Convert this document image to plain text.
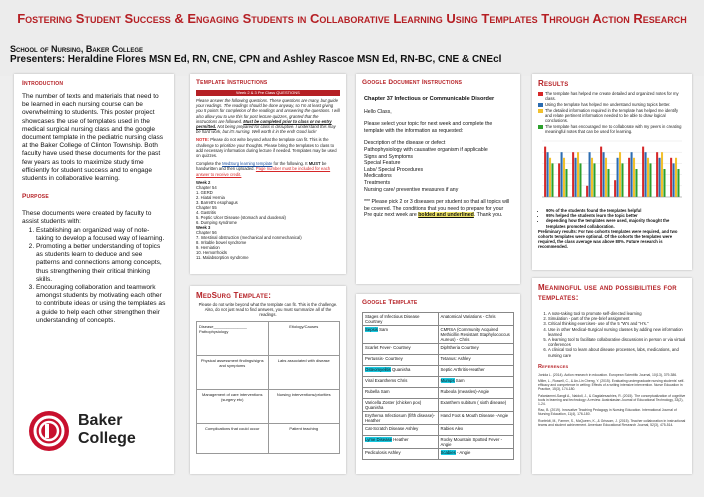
Fostering Student Success & Engaging Students in Collaborative Learning Using Templates Through Action Research
School of Nursing, Baker College
Presenters: Heraldine Flores MSN Ed, RN, CNE, CPN and Ashley Rascoe MSN Ed, RN-BC, CNE & CNEcl
Introduction
The number of texts and materials that need to be learned in each nursing course can be overwhelming to students. This poster project showcases the use of templates used in the medical surgical nursing class and the google document template in the pediatric nursing class at the Baker College of Clinton Township. Both faculty have used these documents for the past few years as tools to maximize study time efficiently for student success and to engage students in collaborative learning.
Purpose
These documents were created by faculty to assist students with:
1. Establishing an organized way of note-taking to develop a focused way of learning.
2. Promoting a better understanding of topics as students learn to deduce and see patterns and connections among concepts, thus strengthening their critical thinking skills.
3. Encouraging collaboration and teamwork amongst students by motivating each other to contribute ideas or using the templates as a guide to help each other strengthen their understanding of concepts.
Baker
College
Template Instructions
Week 2 & 3 Pre Class QUESTIONS
Please answer the following questions. These questions are many, but guide your readings. The readings should be done anyway, so I'm at least giving you 5 points for completion of the readings and answering the questions. I will also allow you to use this for post lecture quizzes, granted that the instructions are followed. Must be completed prior to class or no entry permitted. Not being prepared for class is disruptive. I understand this may be hard work, but it's nursing. Well worth it in the end! Good luck!
NOTE: Please do not write beyond what the template can fit. This is the challenge to prioritize your thoughts. Please bring the templates to class to add necessary information during lecture if needed. Templates may be used on quizzes.
Complete the MedSurg learning template for the following. It MUST be handwritten and then uploaded. Page number must be included for each answer to receive credit.
Week 2
Chapter 54
1. GERD
2. Hiatal Hernia
3. Barrett's esophagus
Chapter 55
4. Gastritis
5. Peptic Ulcer Disease (stomach and duodenal)
6. Dumping syndrome
Week 3
Chapter 56
7. Intestinal obstruction (mechanical and nonmechanical)
8. Irritable bowel syndrome
9. Herniation
10. Hemorrhoids
11. Malabsorption syndrome
MedSurg Template:
Please do not write beyond what the template can fit. This is the challenge. Also, do not just read to find answers, you must summarize all of the readings.
Disease_______________ Pathophysiology	Etiology/Causes
Physical assessment findings/signs and symptoms	Labs associated with disease
Management of care interventions (surgery etc)	Nursing interventions/priorities
Complications that could occur	Patient teaching
Google Document Instructions
Chapter 37 Infectious or Communicable Disorder
Hello Class,
Please select your topic for next week and complete the template with the information as requested:
Description of the disease or defect
Pathophysiology with causative organism if applicable
Signs and Symptoms
Special Feature
Labs/ Special Procedures
Medications
Treatments
Nursing care/ preventive measures if any
*** Please pick 2 or 3 diseases per student so that all topics will be covered. The conditions that you need to prepare for your Pre quiz next week are bolded and underlined. Thank you.
Google Template
Stages of Infectious Disease Courtney	Anatomical Variations - Chris
Sepsis Sam	CMRSA (Community Acquired Methicillin Resistant Staphylococcus Aureus) - Chris
Scarlet Fever- Courtney	Diphtheria Courtney
Pertussis- Courtney	Tetanus: Ashley
Osteomyelitis Quanisha	Septic Arthritis-Heather
Viral Exanthems Chris	Mumps Sam
Rubella Sam	Rubeola (measles)-Angie
Varicella Zoster (chicken pox) Quanisha	Exanthem subitum ( sixth disease)
Erythema Infectiosum (fifth disease)-Heather	Hand Foot & Mouth Disease -Angie
Cat-Scratch Disease Ashley	Rabies Alex
Lyme Disease Heather	Rocky Mountain Spotted Fever -Angie
Pediculosis Ashley	Scabies - Angie
Results
The template has helped me create detailed and organized notes for my class.
Using the template has helped me understand nursing topics better.
The detailed information required in the template has helped me identify and relate pertinent information needed to be able to draw logical conclusions.
The template has encouraged me to collaborate with my peers in creating meaningful notes that can be used for learning.
• 90% of the students found the templates helpful
• 95% helped the students learn the topic better
• depending how the templates were used, majority thought the templates promoted collaboration.
Preliminary results: For two cohorts templates were required, and two cohorts templates were optional. Of the cohorts the templates were required, the class average was above 80%. Future research is recommended.
Meaningful use and possibilities for templates:
1. A note-taking tool to promote self-directed learning
2. Simulation - part of the pre-brief assignment
3. Critical thinking exercises- use of the 5 "W's and "H's."
4. Use in other Medical-Surgical nursing classes by adding new information learned
5. A learning tool to facilitate collaborative discussions in person or via virtual conferences
6. A clinical tool to learn about disease processes, labs, medications, and nursing care
References
Jonida L. (2014). Action research in education. European Scientific Journal, 10(13), 379-386.
Miller, L., Russell, C., & An-Lin Cheng, Y. (2015). Evaluating undergraduate nursing students' self-efficacy and competence in writing: Effects of a writing intensive intervention. Nurse Education in Practice, 15(3), 174-180.
Palaniammi-Sangil A., Naidoll, J., & Gagdalesachies, R. (2015). The conceptualization of cognitive tools in learning and technology: A review. Australasian Journal of Educational Technology, 33(2), 1-24.
Rao, B. (2019). Innovative Teaching Pedagogy in Nursing Education. International Journal of Nursing Education, 11(4), 176-180.
Ronfeldt, M., Farmer, S., McQueen, K., & Grissom, J. (2015). Teacher collaboration in instructional teams and student achievement. American Educational Research Journal, 52(3), 475-514.
